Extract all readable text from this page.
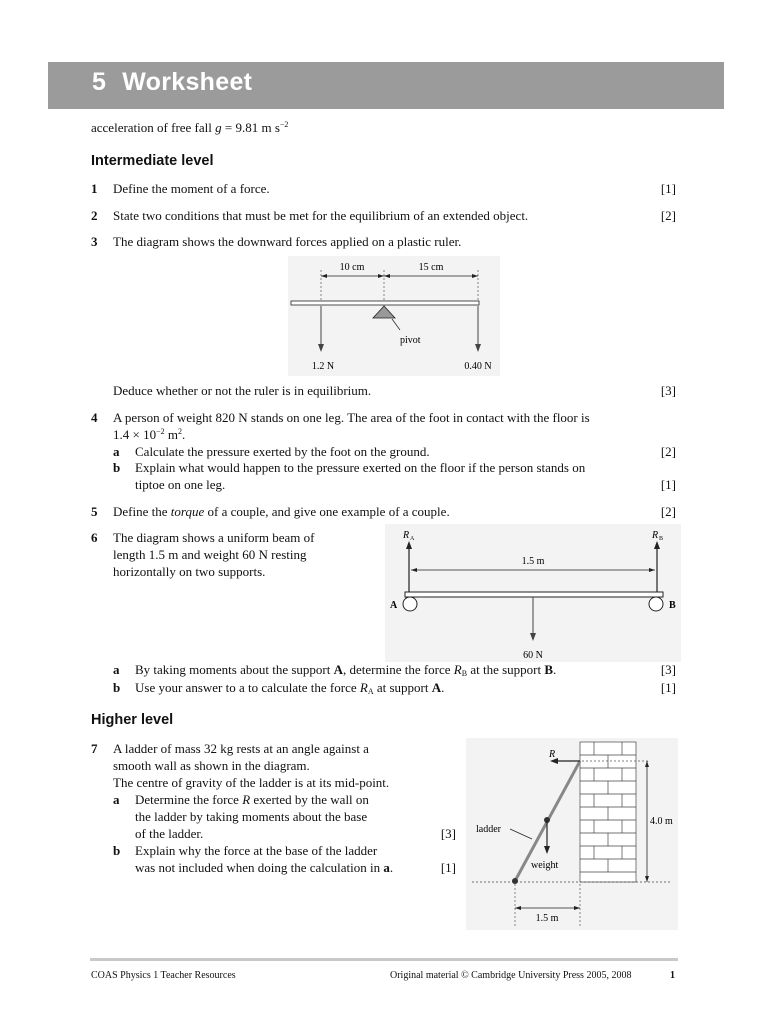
5 Worksheet
acceleration of free fall g = 9.81 m $s^{-2}$
Intermediate level
1 Define the moment of a force.	[1]
2 State two conditions that must be met for the equilibrium of an extended object.	[2]
3 The diagram shows the downward forces applied on a plastic ruler.
10 cm	15 cm
pivot
1.2 N	0.40 N
Deduce whether or not the ruler is in equilibrium.	[3]
4 A person of weight 820 N stands on one leg. The area of the foot in contact with the floor is
$1.4 \times 10^{-2}$ $m^2$.
a Calculate the pressure exerted by the foot on the ground.	[2]
b Explain what would happen to the pressure exerted on the floor if the person stands on
tiptoe on one leg.	[1]
5 Define the torque of a couple, and give one example of a couple.	[2]
6 The diagram shows a uniform beam of
length 1.5 m and weight 60 N resting
horizontally on two supports.
R A	R B
1.5 m
A	B
60 N
a By taking moments about the support A, determine the force $R_B$ at the support B.	[3]
b Use your answer to a to calculate the force $R_A$ at support A.	[1]
Higher level
7 A ladder of mass 32 kg rests at an angle against a
smooth wall as shown in the diagram.
The centre of gravity of the ladder is at its mid-point.
a Determine the force R exerted by the wall on
the ladder by taking moments about the base
of the ladder.	[3]
b Explain why the force at the base of the ladder
was not included when doing the calculation in a.	[1]
R
weight
ladder
4.0 m
1.5 m
COAS Physics 1 Teacher Resources	Original material © Cambridge University Press 2005, 2008	1
